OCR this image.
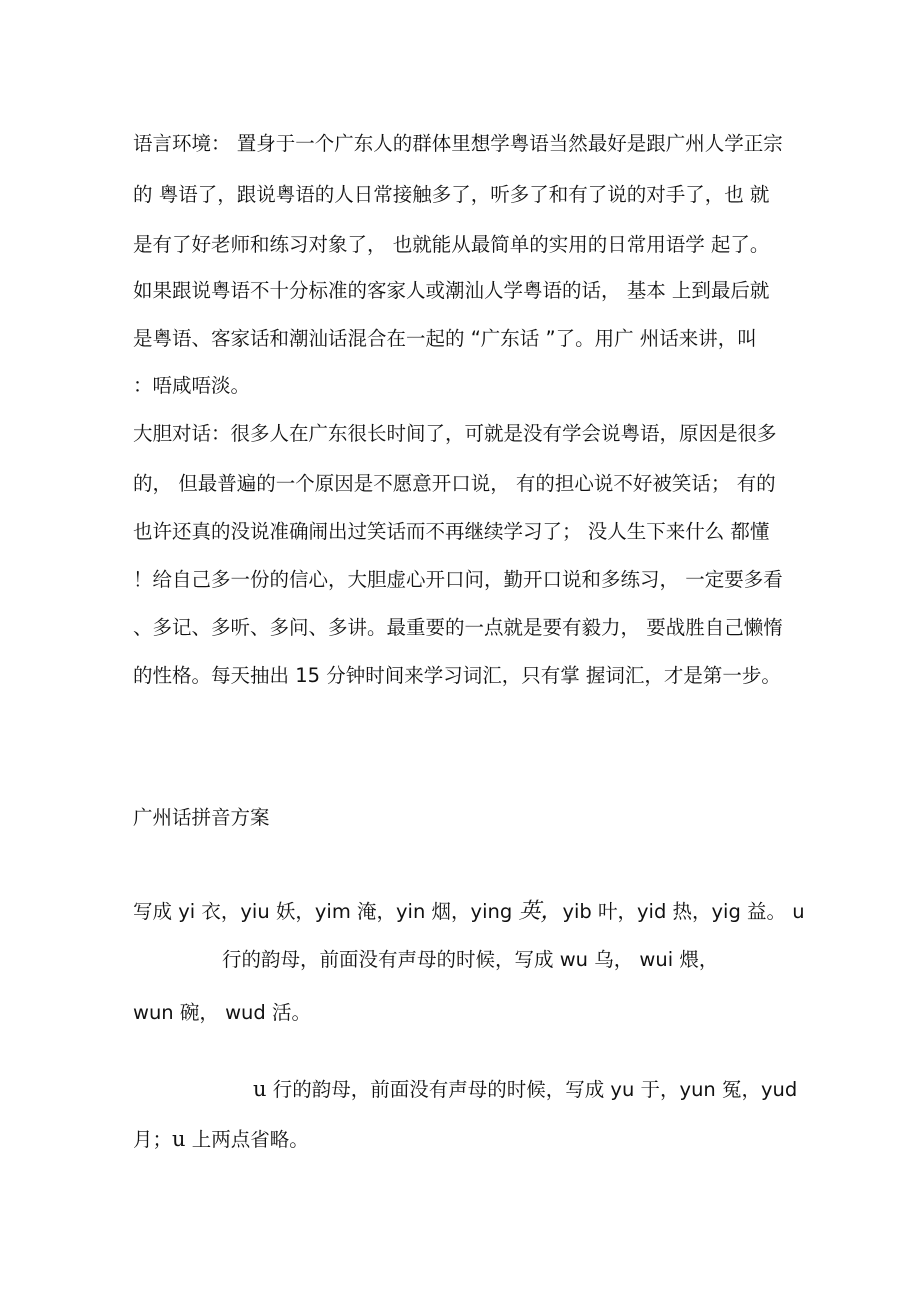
语言环境： 置身于一个广东人的群体里想学粤语当然最好是跟广州人学正宗
的 粤语了，跟说粤语的人日常接触多了，听多了和有了说的对手了，也 就
是有了好老师和练习对象了， 也就能从最简单的实用的日常用语学 起了。
如果跟说粤语不十分标准的客家人或潮汕人学粤语的话， 基本 上到最后就
是粤语、客家话和潮汕话混合在一起的 “广东话 ”了。用广 州话来讲，叫
：唔咸唔淡。
大胆对话：很多人在广东很长时间了，可就是没有学会说粤语，原因是很多
的， 但最普遍的一个原因是不愿意开口说， 有的担心说不好被笑话； 有的
也许还真的没说准确闹出过笑话而不再继续学习了； 没人生下来什么 都懂
！给自己多一份的信心，大胆虚心开口问，勤开口说和多练习， 一定要多看
、多记、多听、多问、多讲。最重要的一点就是要有毅力， 要战胜自己懒惰
的性格。每天抽出 15 分钟时间来学习词汇，只有掌 握词汇，才是第一步。
广州话拼音方案
写成 yi 衣，yiu 妖，yim 淹，yin 烟，ying 英，yib 叶，yid 热，yig 益。 u
行的韵母，前面没有声母的时候，写成 wu 乌， wui 煨，
wun 碗， wud 活。
u 行的韵母，前面没有声母的时候，写成 yu 于，yun 冤，yud
月；u 上两点省略。
